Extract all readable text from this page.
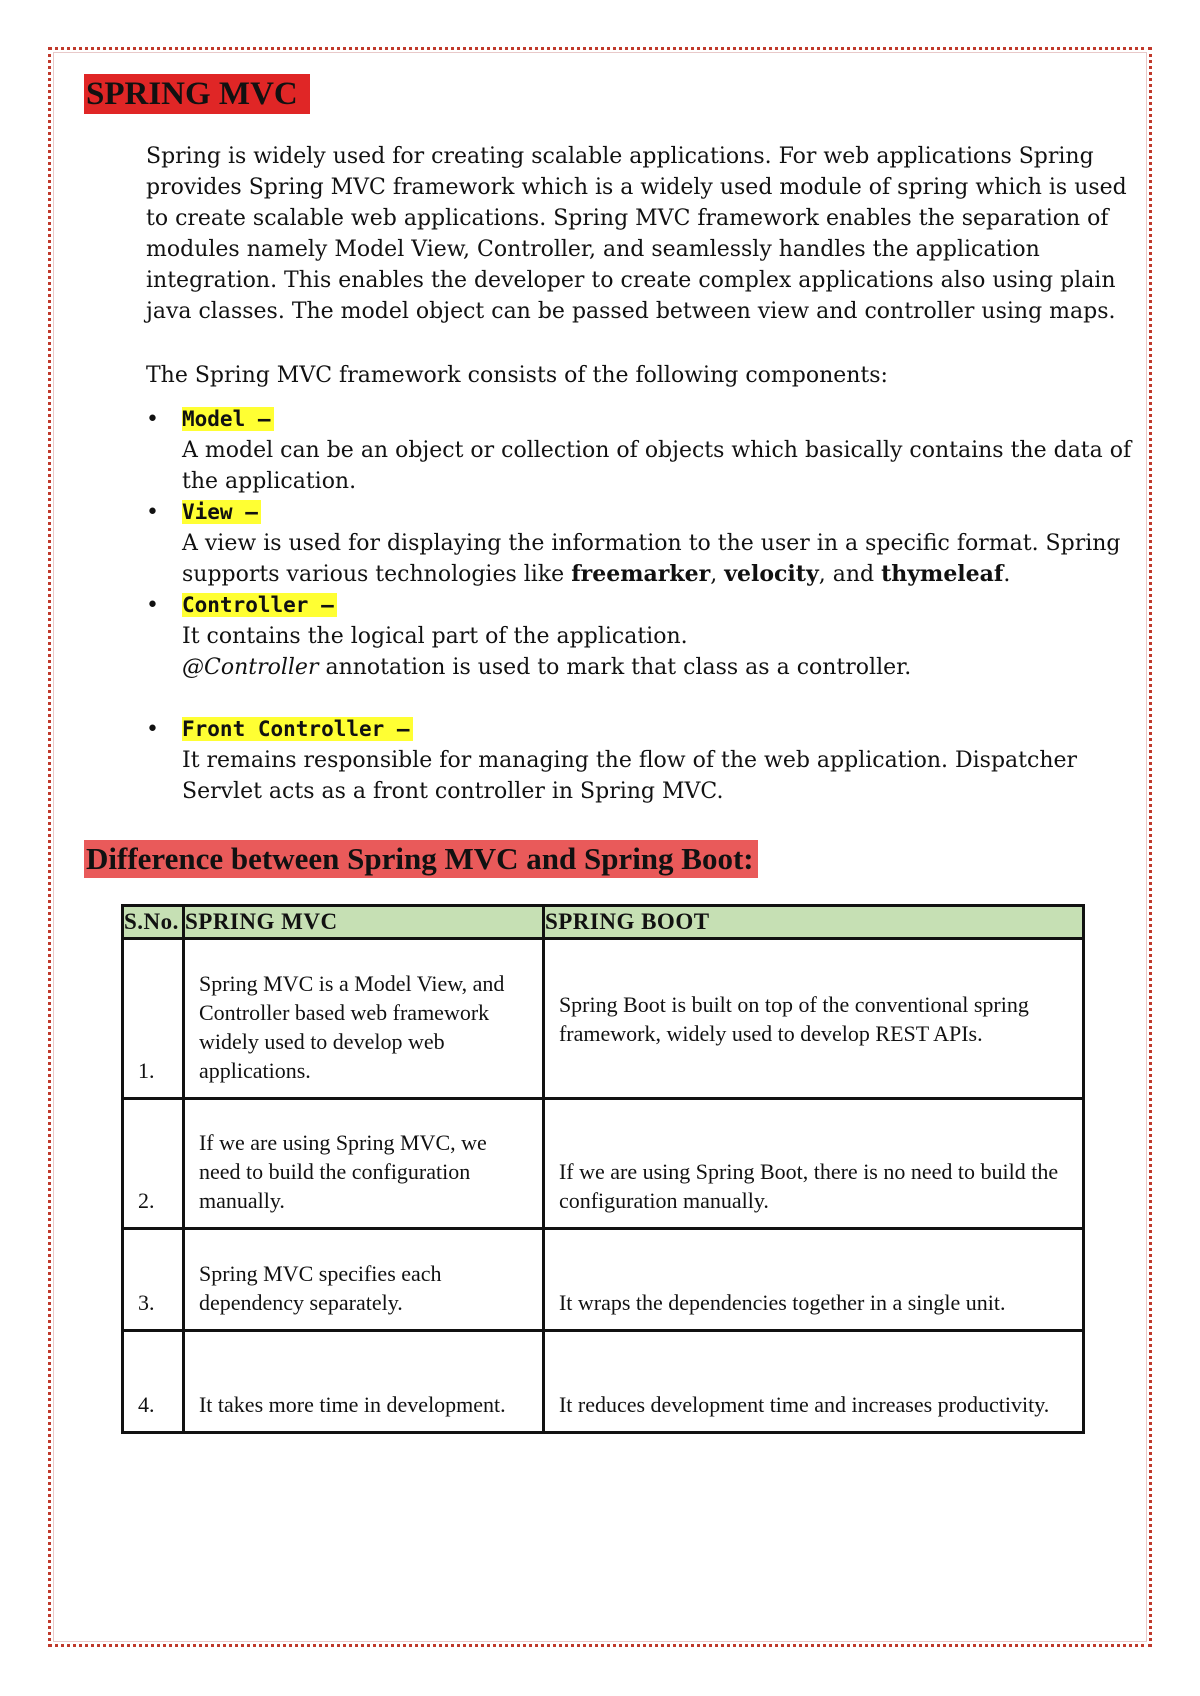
SPRING MVC

Spring is widely used for creating scalable applications. For web applications Spring provides Spring MVC framework which is a widely used module of spring which is used to create scalable web applications. Spring MVC framework enables the separation of modules namely Model View, Controller, and seamlessly handles the application integration. This enables the developer to create complex applications also using plain java classes. The model object can be passed between view and controller using maps.

The Spring MVC framework consists of the following components:

• Model –
A model can be an object or collection of objects which basically contains the data of the application.
• View –
A view is used for displaying the information to the user in a specific format. Spring supports various technologies like freemarker, velocity, and thymeleaf.
• Controller –
It contains the logical part of the application.
@Controller annotation is used to mark that class as a controller.
• Front Controller –
It remains responsible for managing the flow of the web application. Dispatcher Servlet acts as a front controller in Spring MVC.
Difference between Spring MVC and Spring Boot:
S.No.	SPRING MVC	SPRING BOOT
1.	Spring MVC is a Model View, and Controller based web framework widely used to develop web applications.	Spring Boot is built on top of the conventional spring framework, widely used to develop REST APIs.
2.	If we are using Spring MVC, we need to build the configuration manually.	If we are using Spring Boot, there is no need to build the configuration manually.
3.	Spring MVC specifies each dependency separately.	It wraps the dependencies together in a single unit.
4.	It takes more time in development.	It reduces development time and increases productivity.
